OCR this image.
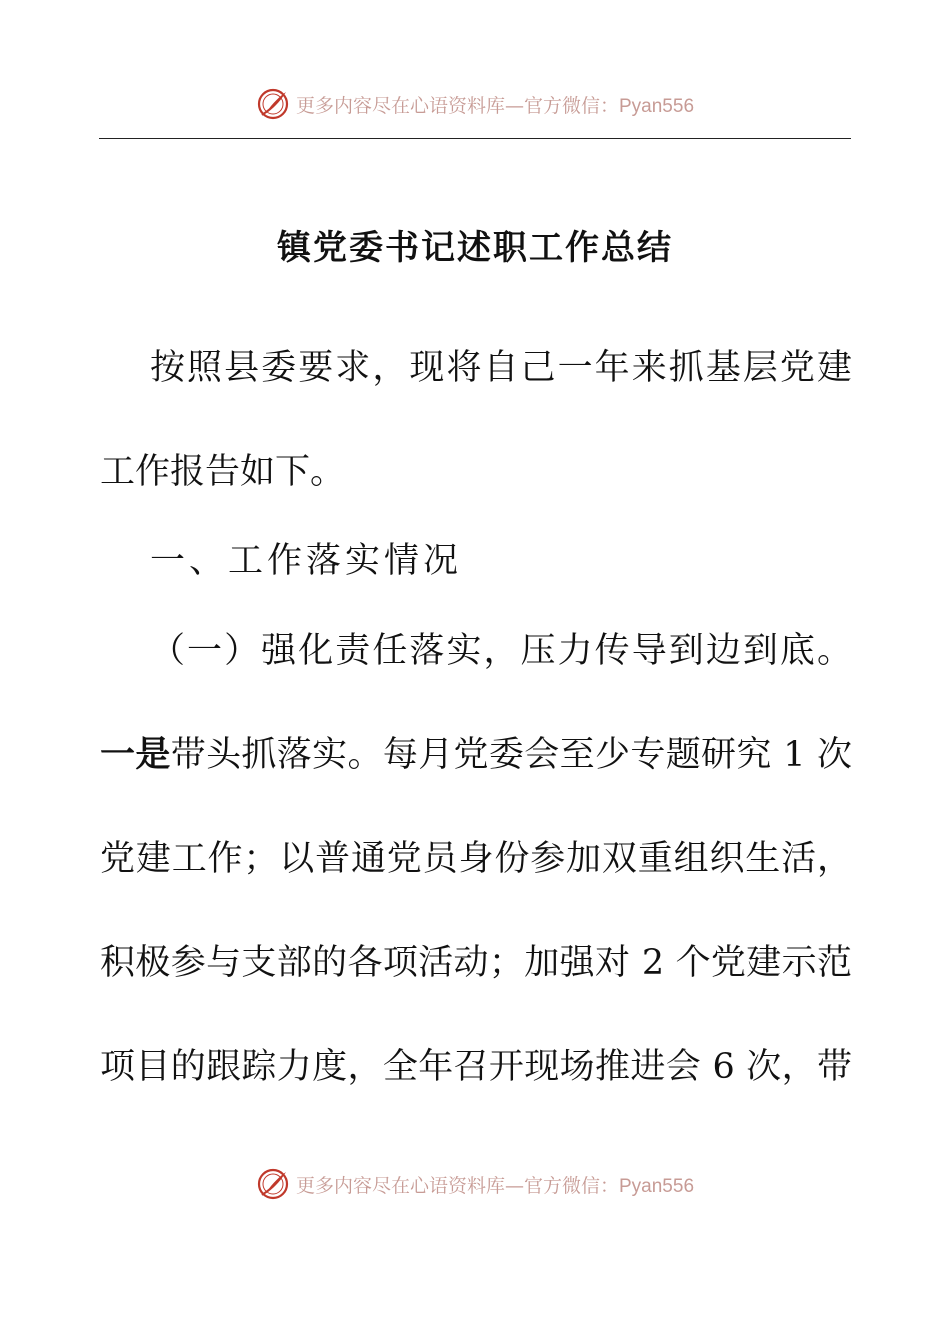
更多内容尽在心语资料库—官方微信：Pyan556
镇党委书记述职工作总结
按照县委要求，现将自己一年来抓基层党建
工作报告如下。
一、工作落实情况
（一）强化责任落实，压力传导到边到底。
一是带头抓落实。每月党委会至少专题研究 1 次
党建工作；以普通党员身份参加双重组织生活，
积极参与支部的各项活动；加强对 2 个党建示范
项目的跟踪力度，全年召开现场推进会 6 次，带
更多内容尽在心语资料库—官方微信：Pyan556
